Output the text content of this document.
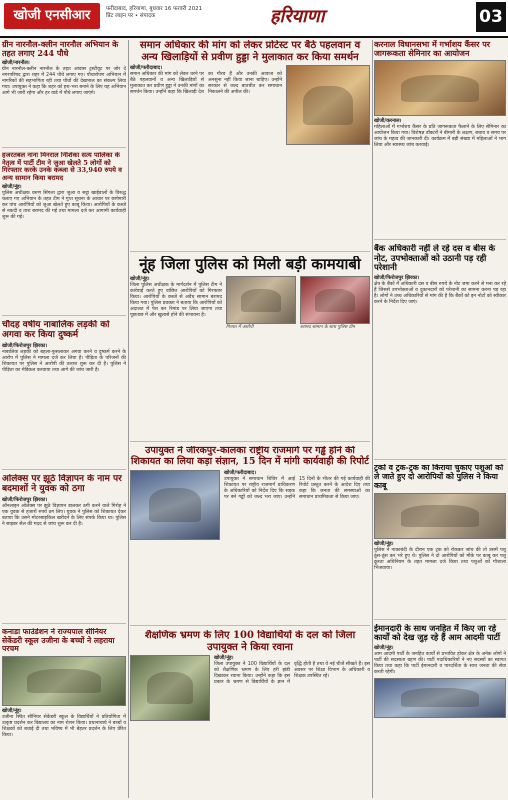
खोजी एनसीआर	फरीदाबाद, हरियाणा, बुधवार 16 फरवरी 2021
प्रिंट लाइन पर • संपादक	हरियाणा	03
ग्रीन नारनौल-क्लीन नारनौल अभियान के तहत लगाए 244 पौधे
खोजी/नारनौल।
ग्रीन नारनौल-क्लीन नारनौल के तहत आवास ट्रस्टीयूट पर जोर दे नगरपरिषद द्वारा शहर में 244 पौधे लगाए गए। पौधारोपण अभियान में नागरिकों की सहभागिता रही तथा पौधों की देखभाल का संकल्प लिया गया। उपायुक्त ने कहा कि शहर को हरा-भरा बनाने के लिए यह अभियान आगे भी जारी रहेगा और हर वार्ड में पौधे लगाए जाएंगे।
हजरतबल नाना मिनराल निशिका सत्य पालिका के नेतृत्व में पार्टी टीम ने जुआ खेलते 5 लोगों को गिरफ्तार करके उनके कब्जा से 33,940 रुपये व अन्य सामान किया बरामद
खोजी/नूंह।
पुलिस अधीक्षक वरुण सिंगला द्वारा जुआ व सट्टा खाईवालों के विरुद्ध चलाए गए अभियान के तहत टीम ने गुप्त सूचना के आधार पर छापेमारी कर पांच आरोपियों को जुआ खेलते हुए काबू किया। आरोपियों के कब्जे से नकदी व ताश बरामद की गई तथा मामला दर्ज कर आगामी कार्यवाही शुरू की गई।
चौदह वर्षीय नाबालिक लड़की को अगवा कर किया दुष्कर्म
खोजी/फिरोजपुर झिरका।
नाबालिक लड़की को बहला-फुसलाकर अगवा करने व दुष्कर्म करने के आरोप में पुलिस ने मामला दर्ज कर लिया है। पीड़िता के परिजनों की शिकायत पर पुलिस ने आरोपी की तलाश शुरू कर दी है। पुलिस ने पीड़िता का मेडिकल करवाया तथा आगे की जांच जारी है।
ओलेक्स पर झूठे विज्ञापन के नाम पर बदमाशों ने युवक को ठगा
खोजी/फिरोजपुर झिरका।
ऑनलाइन ओलेक्स पर झूठे विज्ञापन डालकर ठगी करने वाले गिरोह ने एक युवक से हजारों रुपये ठग लिए। युवक ने पुलिस को शिकायत देकर बताया कि उसने मोटरसाइकिल खरीदने के लिए संपर्क किया था। पुलिस ने साइबर सेल की मदद से जांच शुरू कर दी है।
कनाडा फाउंडेशन ने राज्यपाल सीनियर सेकेंडरी स्कूल उजीना के बच्चों ने लहराया परचम
खोजी/नूंह।
उजीना स्थित सीनियर सेकेंडरी स्कूल के विद्यार्थियों ने प्रतियोगिता में उत्कृष्ट प्रदर्शन कर विद्यालय का नाम रोशन किया। प्रधानाचार्य ने बच्चों व शिक्षकों को बधाई दी तथा भविष्य में भी बेहतर प्रदर्शन के लिए प्रेरित किया।
समान अधिकार की मांग को लेकर प्रोटेस्ट पर बैठे पहलवान व अन्य खिलाड़ियों से प्रवीण हुड्डा ने मुलाकात कर किया समर्थन
खोजी/फरीदाबाद।
समान अधिकार की मांग को लेकर धरने पर बैठे पहलवानों व अन्य खिलाड़ियों से मुलाकात कर प्रवीण हुड्डा ने उनकी मांगों का समर्थन किया। उन्होंने कहा कि खिलाड़ी देश का गौरव हैं और उनकी आवाज को अनसुना नहीं किया जाना चाहिए। उन्होंने सरकार से जल्द बातचीत कर समाधान निकालने की अपील की।
नूंह जिला पुलिस को मिली बड़ी कामयाबी
खोजी/नूंह।
जिला पुलिस अधीक्षक के मार्गदर्शन में पुलिस टीम ने कार्रवाई करते हुए वांछित आरोपियों को गिरफ्तार किया। आरोपियों के कब्जे से अवैध सामान बरामद किया गया। पुलिस प्रवक्ता ने बताया कि आरोपियों को अदालत में पेश कर रिमांड पर लिया जाएगा तथा पूछताछ में और खुलासे होने की संभावना है।
गिरफ्त में आरोपी	बरामद सामान के साथ पुलिस टीम
उपायुक्त ने जीरकपुर-कालका राष्ट्रीय राजमार्ग पर गड्ढे होने की शिकायत का लिया कड़ा संज्ञान, 15 दिन में मांगी कार्यवाही की रिपोर्ट
खोजी/फरीदाबाद।
उपायुक्त ने समाधान शिविर में आई शिकायत पर राष्ट्रीय राजमार्ग प्राधिकरण के अधिकारियों को निर्देश दिए कि सड़क पर बने गड्ढों को जल्द भरा जाए। उन्होंने 15 दिनों के भीतर की गई कार्यवाही की रिपोर्ट प्रस्तुत करने के आदेश दिए तथा कहा कि जनता की समस्याओं का समाधान प्राथमिकता से किया जाए।
शैक्षणिक भ्रमण के लिए 100 विद्यार्थियों के दल को जिला उपायुक्त ने किया रवाना
खोजी/नूंह।
जिला उपायुक्त ने 100 विद्यार्थियों के दल को शैक्षणिक भ्रमण के लिए हरी झंडी दिखाकर रवाना किया। उन्होंने कहा कि इस प्रकार के भ्रमण से विद्यार्थियों के ज्ञान में वृद्धि होती है तथा वे नई चीजें सीखते हैं। इस अवसर पर शिक्षा विभाग के अधिकारी व शिक्षक उपस्थित रहे।
करनाल विधानसभा में गर्भाशय कैंसर पर जागरूकता सेमिनार का आयोजन
खोजी/करनाल।
महिलाओं में गर्भाशय कैंसर के प्रति जागरूकता फैलाने के लिए सेमिनार का आयोजन किया गया। विशेषज्ञ डॉक्टरों ने बीमारी के लक्षण, बचाव व समय पर जांच के महत्व की जानकारी दी। कार्यक्रम में बड़ी संख्या में महिलाओं ने भाग लिया और स्वास्थ्य जांच करवाई।
बैंक अधिकारी नहीं ले रहे दस व बीस के नोट, उपभोक्ताओं को उठानी पड़ रही परेशानी
खोजी/फिरोजपुर झिरका।
क्षेत्र के बैंकों में अधिकारी दस व बीस रुपये के नोट जमा करने से मना कर रहे हैं जिससे उपभोक्ताओं व दुकानदारों को परेशानी का सामना करना पड़ रहा है। लोगों ने उच्च अधिकारियों से मांग की है कि बैंकों को इन नोटों को स्वीकार करने के निर्देश दिए जाएं।
ट्रकों व ट्रक-ट्रक का किराया चुकाए पशुओं को ले जाते हुए दो आरोपियों को पुलिस ने किया काबू
खोजी/नूंह।
पुलिस ने नाकाबंदी के दौरान एक ट्रक को रोककर जांच की तो उसमें पशु ठूंस-ठूंस कर भरे हुए थे। पुलिस ने दो आरोपियों को मौके पर काबू कर पशु क्रूरता अधिनियम के तहत मामला दर्ज किया तथा पशुओं को गौशाला भिजवाया।
ईमानदारी के साथ जनहित में किए जा रहे कार्यों को देख जुड़ रहे हैं आम आदमी पार्टी
खोजी/नूंह।
आम आदमी पार्टी के जनहित कार्यों से प्रभावित होकर क्षेत्र के अनेक लोगों ने पार्टी की सदस्यता ग्रहण की। पार्टी पदाधिकारियों ने नए सदस्यों का स्वागत किया तथा कहा कि पार्टी ईमानदारी व पारदर्शिता के साथ जनता की सेवा करती रहेगी।
